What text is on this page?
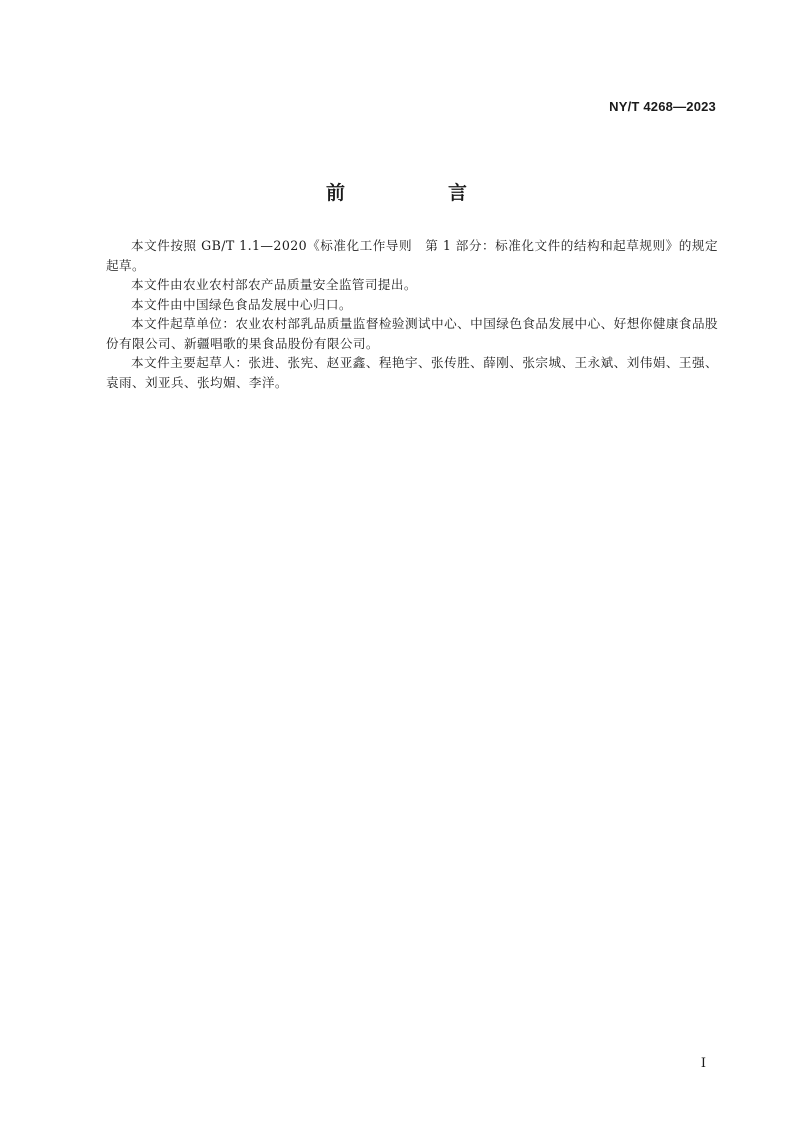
NY/T 4268—2023
前　言

本文件按照 GB/T 1.1—2020《标准化工作导则　第 1 部分：标准化文件的结构和起草规则》的规定起草。

本文件由农业农村部农产品质量安全监管司提出。

本文件由中国绿色食品发展中心归口。

本文件起草单位：农业农村部乳品质量监督检验测试中心、中国绿色食品发展中心、好想你健康食品股份有限公司、新疆唱歌的果食品股份有限公司。

本文件主要起草人：张进、张宪、赵亚鑫、程艳宇、张传胜、薛刚、张宗城、王永斌、刘伟娟、王强、袁雨、刘亚兵、张均媚、李洋。

I
